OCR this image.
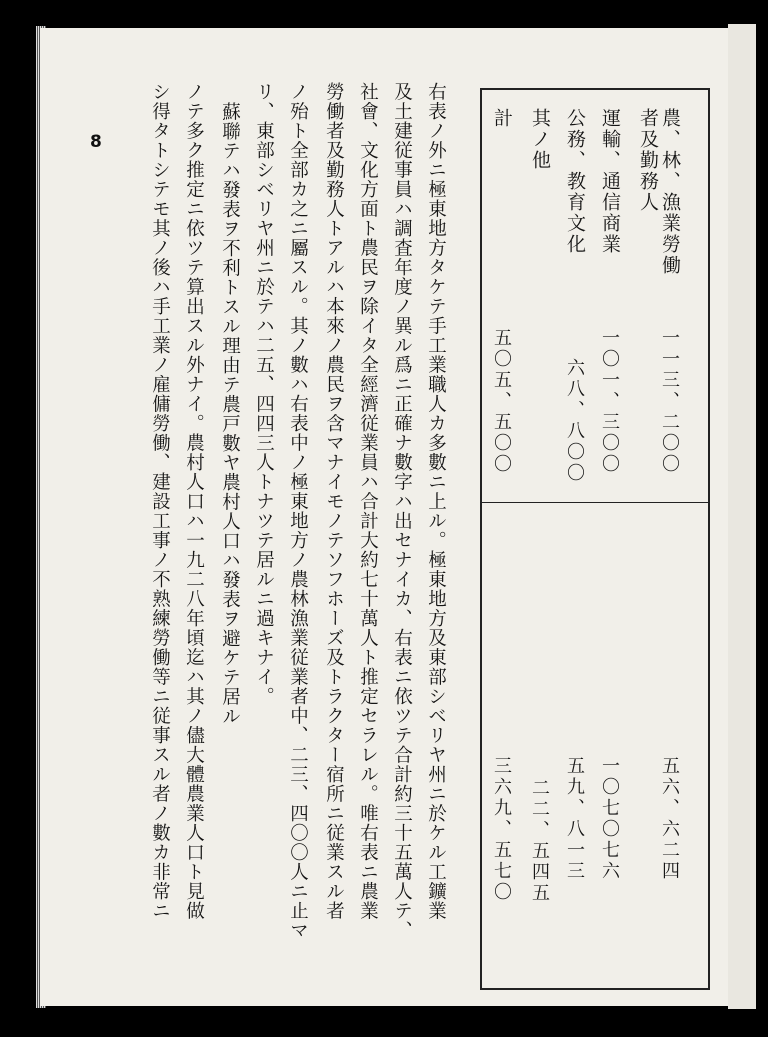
農、林、漁業勞働
者及勤務人
一一三、二〇〇
五六、六二四
運輸、通信商業
一〇一、三〇〇
一〇七〇七六
公務、教育文化
六八、八〇〇
五九、八一三
其ノ他
二二、五四五
計
五〇五、五〇〇
三六九、五七〇
右表ノ外ニ極東地方タケテ手工業職人カ多數ニ上ル。極東地方及東部シベリヤ州ニ於ケル工鑛業
及土建従事員ハ調査年度ノ異ル爲ニ正確ナ數字ハ出セナイカ、右表ニ依ツテ合計約三十五萬人テ、
社會、文化方面ト農民ヲ除イタ全經濟従業員ハ合計大約七十萬人ト推定セラレル。唯右表ニ農業
勞働者及勤務人トアルハ本來ノ農民ヲ含マナイモノテソフホーズ及トラクター宿所ニ従業スル者
ノ殆ト全部カ之ニ屬スル。其ノ數ハ右表中ノ極東地方ノ農林漁業従業者中、二三、四〇〇人ニ止マ
リ、東部シベリヤ州ニ於テハ二五、四四三人トナツテ居ルニ過キナイ。
蘇聯テハ發表ヲ不利トスル理由テ農戸數ヤ農村人口ハ發表ヲ避ケテ居ル
ノテ多ク推定ニ依ツテ算出スル外ナイ。農村人口ハ一九二八年頃迄ハ其ノ儘大體農業人口ト見做
シ得タトシテモ其ノ後ハ手工業ノ雇傭勞働、建設工事ノ不熟練勞働等ニ従事スル者ノ數カ非常ニ
8
